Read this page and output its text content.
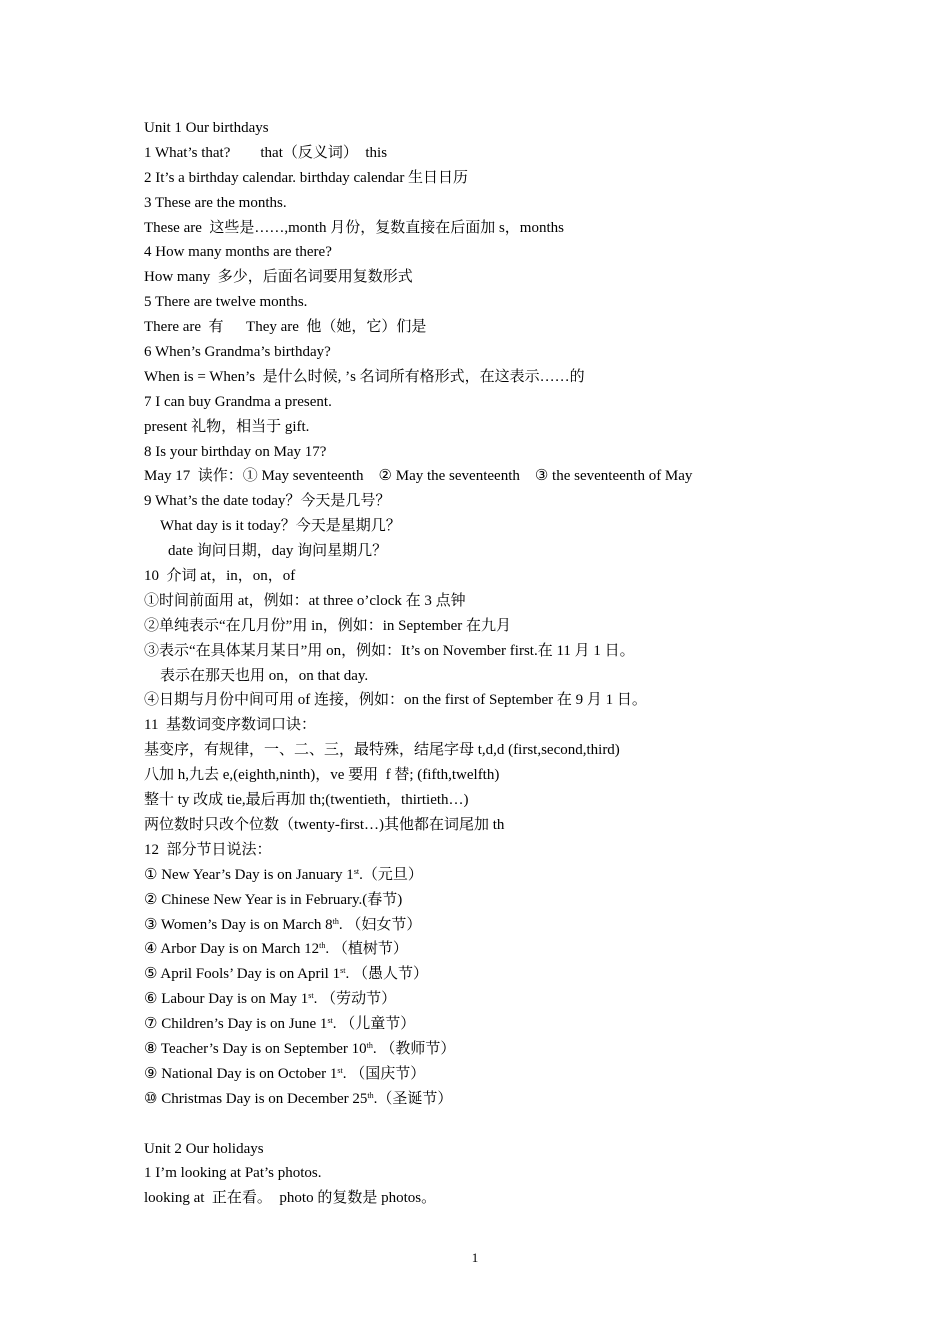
Unit 1 Our birthdays
1 What’s that?        that（反义词）  this
2 It’s a birthday calendar. birthday calendar 生日日历
3 These are the months.
These are  这些是……,month 月份，复数直接在后面加 s，months
4 How many months are there?
How many  多少，后面名词要用复数形式
5 There are twelve months.
There are  有      They are  他（她，它）们是
6 When’s Grandma’s birthday?
When is = When’s  是什么时候, ’s 名词所有格形式，在这表示……的
7 I can buy Grandma a present.
present 礼物，相当于 gift.
8 Is your birthday on May 17?
May 17  读作：① May seventeenth    ② May the seventeenth    ③ the seventeenth of May
9 What’s the date today？今天是几号？
What day is it today？今天是星期几？
date 询问日期，day 询问星期几？
10  介词 at，in，on，of
①时间前面用 at，例如：at three o’clock 在 3 点钟
②单纯表示“在几月份”用 in，例如：in September 在九月
③表示“在具体某月某日”用 on，例如：It’s on November first.在 11 月 1 日。
表示在那天也用 on，on that day.
④日期与月份中间可用 of 连接，例如：on the first of September 在 9 月 1 日。
11  基数词变序数词口诀：
基变序，有规律，一、二、三，最特殊，结尾字母 t,d,d (first,second,third)
八加 h,九去 e,(eighth,ninth)，ve 要用  f 替; (fifth,twelfth)
整十 ty 改成 tie,最后再加 th;(twentieth，thirtieth…)
两位数时只改个位数（twenty-first…)其他都在词尾加 th
12  部分节日说法：
① New Year’s Day is on January 1st.（元旦）
② Chinese New Year is in February.(春节)
③ Women’s Day is on March 8th. （妇女节）
④ Arbor Day is on March 12th. （植树节）
⑤ April Fools’ Day is on April 1st. （愚人节）
⑥ Labour Day is on May 1st. （劳动节）
⑦ Children’s Day is on June 1st. （儿童节）
⑧ Teacher’s Day is on September 10th. （教师节）
⑨ National Day is on October 1st. （国庆节）
⑩ Christmas Day is on December 25th.（圣诞节）
Unit 2 Our holidays
1 I’m looking at Pat’s photos.
looking at  正在看。  photo 的复数是 photos。
1
